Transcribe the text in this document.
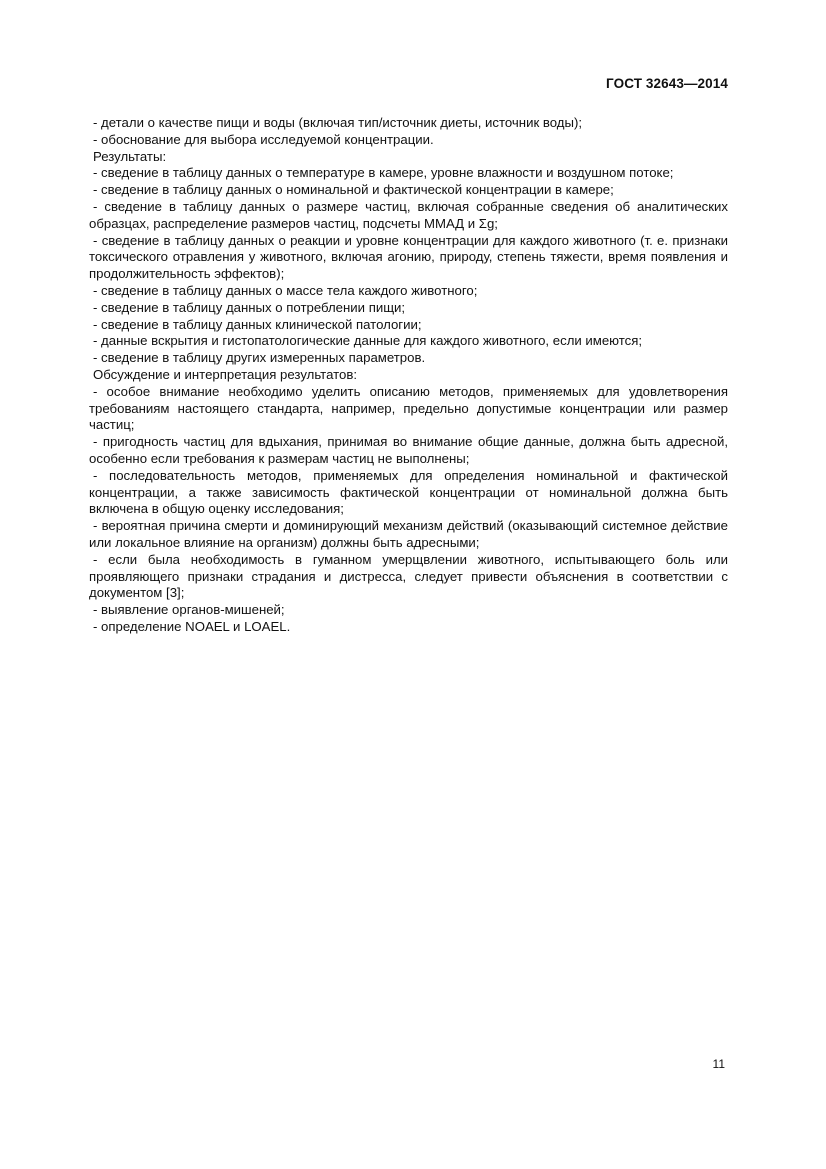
ГОСТ 32643—2014

- детали о качестве пищи и воды (включая тип/источник диеты, источник воды);

- обоснование для выбора исследуемой концентрации.

Результаты:

- сведение в таблицу данных о температуре в камере, уровне влажности и воздушном потоке;

- сведение в таблицу данных о номинальной и фактической концентрации в камере;

- сведение в таблицу данных о размере частиц, включая собранные сведения об аналитических образцах, распределение размеров частиц, подсчеты ММАД и Σg;

- сведение в таблицу данных о реакции и уровне концентрации для каждого животного (т. е. признаки токсического отравления у животного, включая агонию, природу, степень тяжести, время появления и продолжительность эффектов);

- сведение в таблицу данных о массе тела каждого животного;

- сведение в таблицу данных о потреблении пищи;

- сведение в таблицу данных клинической патологии;

- данные вскрытия и гистопатологические данные для каждого животного, если имеются;

- сведение в таблицу других измеренных параметров.

Обсуждение и интерпретация результатов:

- особое внимание необходимо уделить описанию методов, применяемых для удовлетворения требованиям настоящего стандарта, например, предельно допустимые концентрации или размер частиц;

- пригодность частиц для вдыхания, принимая во внимание общие данные, должна быть адресной, особенно если требования к размерам частиц не выполнены;

- последовательность методов, применяемых для определения номинальной и фактической концентрации, а также зависимость фактической концентрации от номинальной должна быть включена в общую оценку исследования;

- вероятная причина смерти и доминирующий механизм действий (оказывающий системное действие или локальное влияние на организм) должны быть адресными;

- если была необходимость в гуманном умерщвлении животного, испытывающего боль или проявляющего признаки страдания и дистресса, следует привести объяснения в соответствии с документом [3];

- выявление органов-мишеней;

- определение NOAEL и LOAEL.

11
